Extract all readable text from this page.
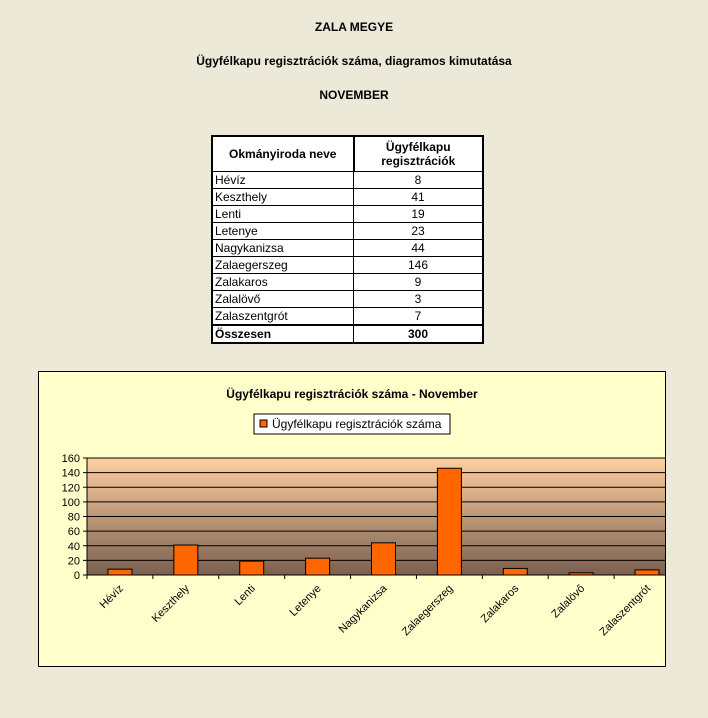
ZALA MEGYE
Ügyfélkapu regisztrációk száma, diagramos kimutatása
NOVEMBER
Okmányiroda neve	Ügyfélkapu regisztrációk
Hévíz	8
Keszthely	41
Lenti	19
Letenye	23
Nagykanizsa	44
Zalaegerszeg	146
Zalakaros	9
Zalalövő	3
Zalaszentgrót	7
Összesen	300
Ügyfélkapu regisztrációk száma - November
Ügyfélkapu regisztrációk száma
0
20
40
60
80
100
120
140
160
Hévíz Keszthely	Lenti	Letenye Nagykanizsa Zalaegerszeg Zalakaros	Zalalövő Zalaszentgrót
